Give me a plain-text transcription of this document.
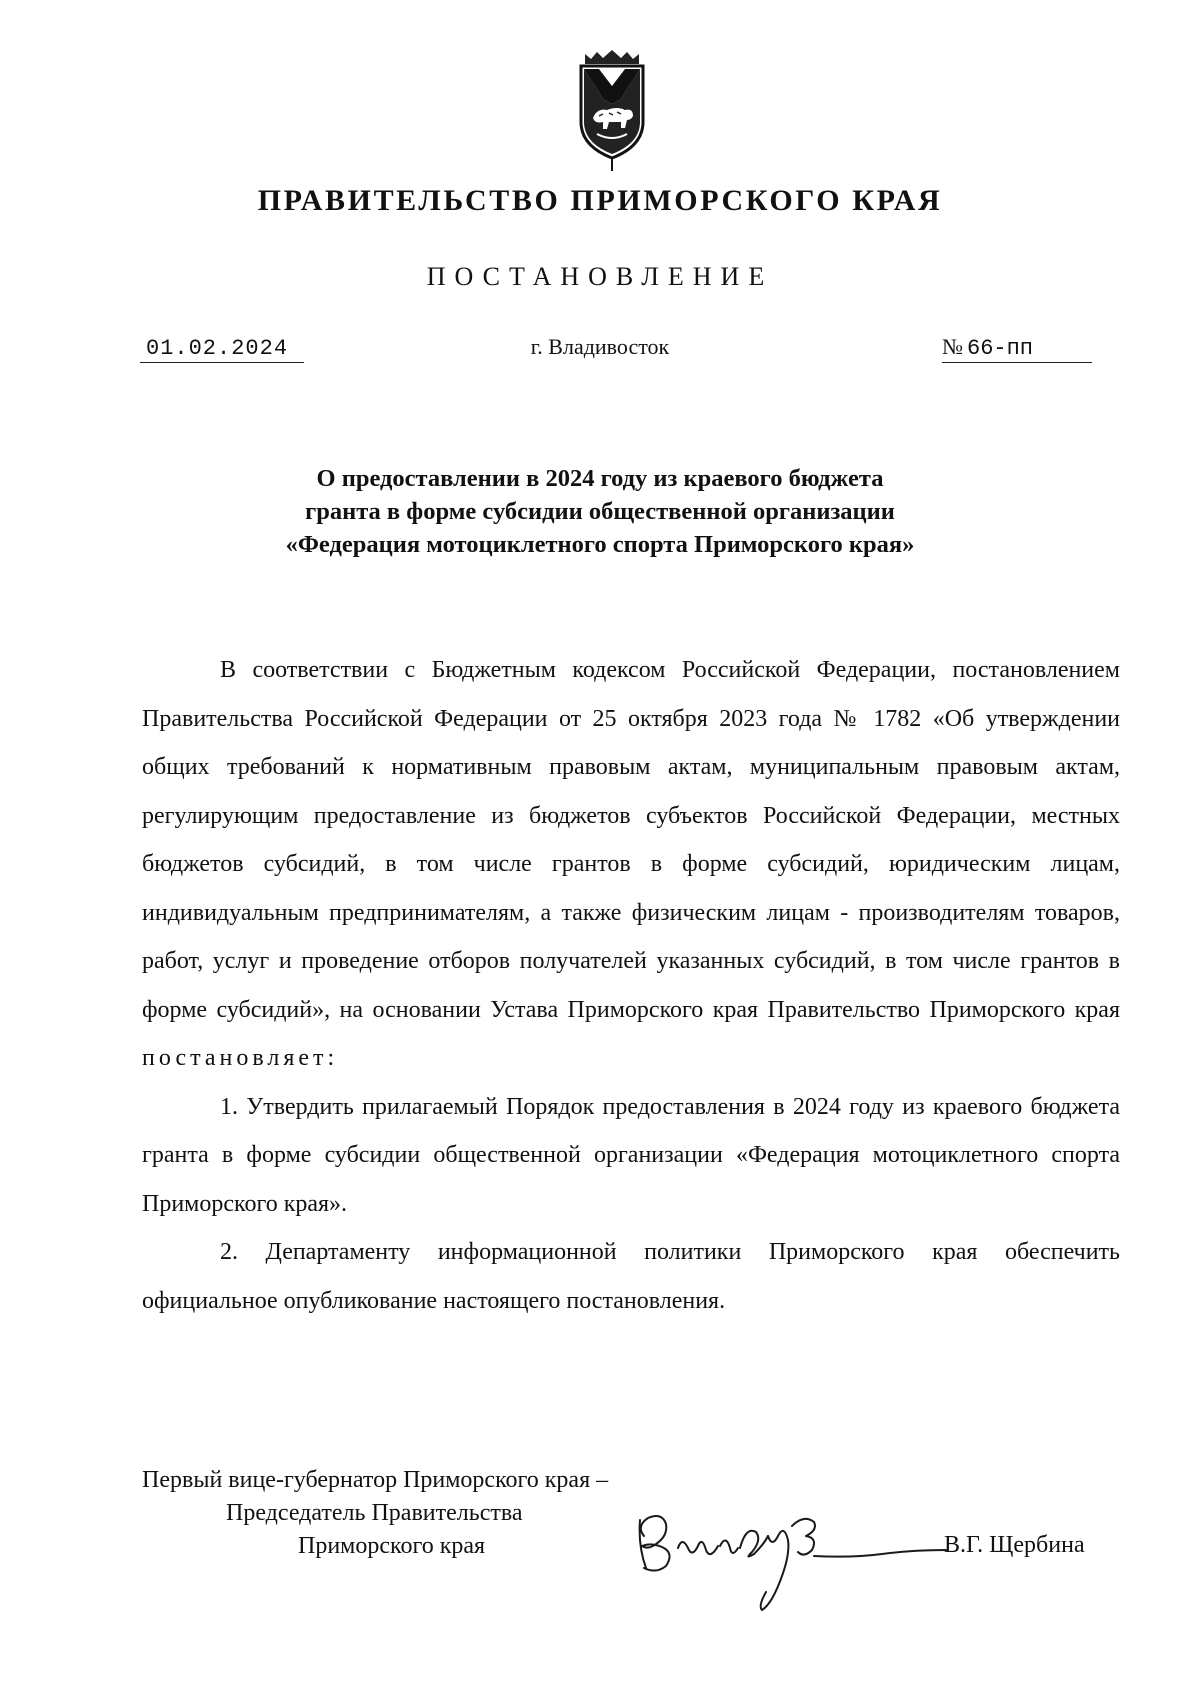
ПРАВИТЕЛЬСТВО ПРИМОРСКОГО КРАЯ
ПОСТАНОВЛЕНИЕ
01.02.2024	г. Владивосток	№ 66-пп
О предоставлении в 2024 году из краевого бюджета
гранта в форме субсидии общественной организации
«Федерация мотоциклетного спорта Приморского края»

В соответствии с Бюджетным кодексом Российской Федерации, постановлением Правительства Российской Федерации от 25 октября 2023 года № 1782 «Об утверждении общих требований к нормативным правовым актам, муниципальным правовым актам, регулирующим предоставление из бюджетов субъектов Российской Федерации, местных бюджетов субсидий, в том числе грантов в форме субсидий, юридическим лицам, индивидуальным предпринимателям, а также физическим лицам - производителям товаров, работ, услуг и проведение отборов получателей указанных субсидий, в том числе грантов в форме субсидий», на основании Устава Приморского края Правительство Приморского края постановляет:

1. Утвердить прилагаемый Порядок предоставления в 2024 году из краевого бюджета гранта в форме субсидии общественной организации «Федерация мотоциклетного спорта Приморского края».

2. Департаменту информационной политики Приморского края обеспечить официальное опубликование настоящего постановления.

Первый вице-губернатор Приморского края –
Председатель Правительства
Приморского края	В.Г. Щербина
